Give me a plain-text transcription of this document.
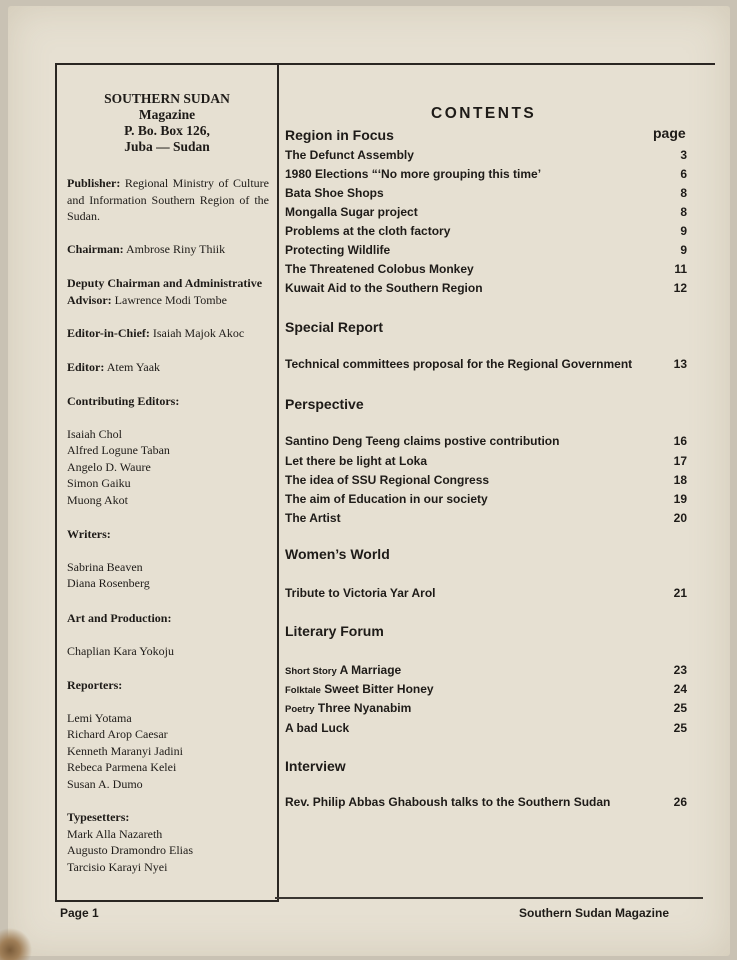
SOUTHERN SUDAN
Magazine
P. Bo. Box 126,
Juba — Sudan
Publisher: Regional Ministry of Culture and Information Southern Region of the Sudan.
Chairman: Ambrose Riny Thiik
Deputy Chairman and Administrative Advisor: Lawrence Modi Tombe
Editor-in-Chief: Isaiah Majok Akoc
Editor: Atem Yaak
Contributing Editors:
Isaiah Chol
Alfred Logune Taban
Angelo D. Waure
Simon Gaiku
Muong Akot
Writers:
Sabrina Beaven
Diana Rosenberg
Art and Production:
Chaplian Kara Yokoju
Reporters:
Lemi Yotama
Richard Arop Caesar
Kenneth Maranyi Jadini
Rebeca Parmena Kelei
Susan A. Dumo
Typesetters:
Mark Alla Nazareth
Augusto Dramondro Elias
Tarcisio Karayi Nyei
CONTENTS
page
Region in Focus
The Defunct Assembly	3
1980 Elections “‘No more grouping this time’	6
Bata Shoe Shops	8
Mongalla Sugar project	8
Problems at the cloth factory	9
Protecting Wildlife	9
The Threatened Colobus Monkey	11
Kuwait Aid to the Southern Region	12
Special Report
Technical committees proposal for the Regional Government	13
Perspective
Santino Deng Teeng claims postive contribution	16
Let there be light at Loka	17
The idea of SSU Regional Congress	18
The aim of Education in our society	19
The Artist	20
Women’s World
Tribute to Victoria Yar Arol	21
Literary Forum
Short Story A Marriage	23
Folktale Sweet Bitter Honey	24
Poetry Three Nyanabim	25
A bad Luck	25
Interview
Rev. Philip Abbas Ghaboush talks to the Southern Sudan	26
Page 1	Southern Sudan Magazine
